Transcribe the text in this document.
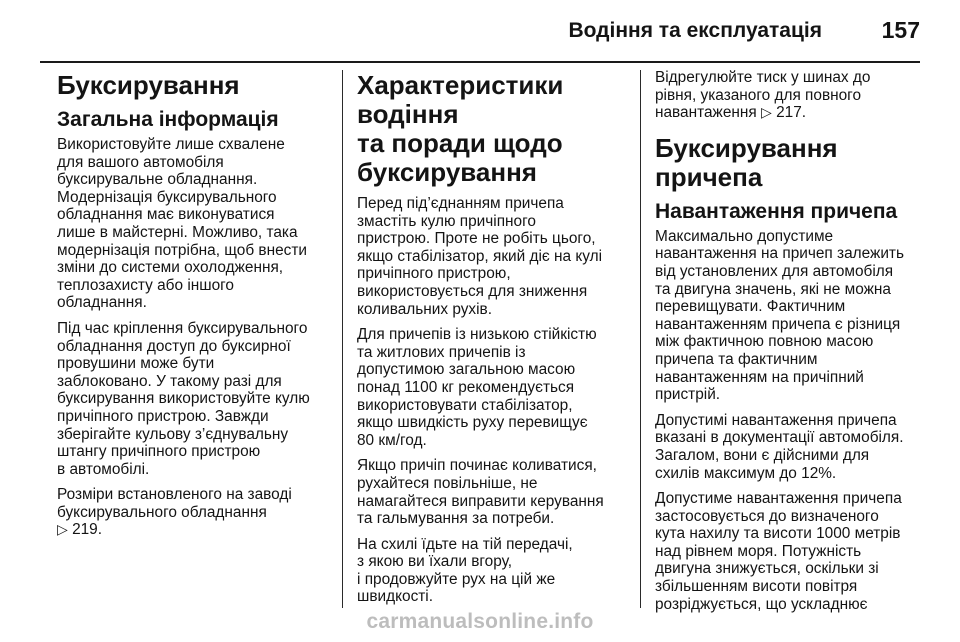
Водіння та експлуатація	157
Буксирування
Загальна інформація

Використовуйте лише схвалене
для вашого автомобіля
буксирувальне обладнання.
Модернізація буксирувального
обладнання має виконуватися
лише в майстерні. Можливо, така
модернізація потрібна, щоб внести
зміни до системи охолодження,
теплозахисту або іншого
обладнання.

Під час кріплення буксирувального
обладнання доступ до буксирної
провушини може бути
заблоковано. У такому разі для
буксирування використовуйте кулю
причіпного пристрою. Завжди
зберігайте кульову з’єднувальну
штангу причіпного пристрою
в автомобілі.

Розміри встановленого на заводі
буксирувального обладнання
▷ 219.

Характеристики водіння
та поради щодо
буксирування

Перед під’єднанням причепа
змастіть кулю причіпного
пристрою. Проте не робіть цього,
якщо стабілізатор, який діє на кулі
причіпного пристрою,
використовується для зниження
коливальних рухів.

Для причепів із низькою стійкістю
та житлових причепів із
допустимою загальною масою
понад 1100 кг рекомендується
використовувати стабілізатор,
якщо швидкість руху перевищує
80 км/год.

Якщо причіп починає коливатися,
рухайтеся повільніше, не
намагайтеся виправити керування
та гальмування за потреби.

На схилі їдьте на тій передачі,
з якою ви їхали вгору,
і продовжуйте рух на цій же
швидкості.

Відрегулюйте тиск у шинах до
рівня, указаного для повного
навантаження ▷ 217.

Буксирування причепа
Навантаження причепа

Максимально допустиме
навантаження на причеп залежить
від установлених для автомобіля
та двигуна значень, які не можна
перевищувати. Фактичним
навантаженням причепа є різниця
між фактичною повною масою
причепа та фактичним
навантаженням на причіпний
пристрій.

Допустимі навантаження причепа
вказані в документації автомобіля.
Загалом, вони є дійсними для
схилів максимум до 12%.

Допустиме навантаження причепа
застосовується до визначеного
кута нахилу та висоти 1000 метрів
над рівнем моря. Потужність
двигуна знижується, оскільки зі
збільшенням висоти повітря
розріджується, що ускладнює

carmanualsonline.info
